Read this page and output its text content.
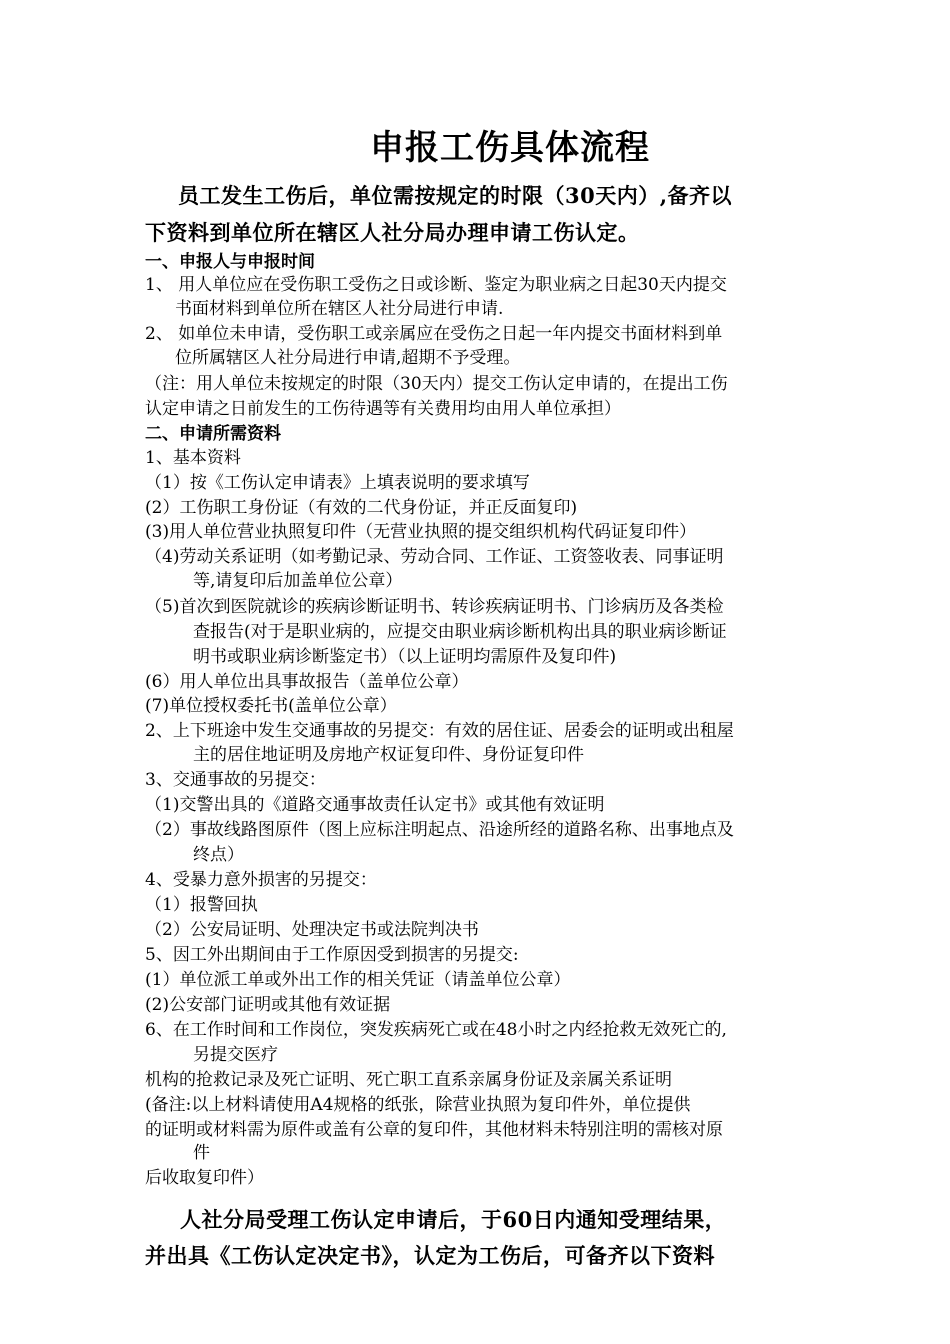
申报工伤具体流程
员工发生工伤后，单位需按规定的时限（30天内）,备齐以
下资料到单位所在辖区人社分局办理申请工伤认定。
一、申报人与申报时间
1、 用人单位应在受伤职工受伤之日或诊断、鉴定为职业病之日起30天内提交
书面材料到单位所在辖区人社分局进行申请.
2、 如单位未申请，受伤职工或亲属应在受伤之日起一年内提交书面材料到单
位所属辖区人社分局进行申请,超期不予受理。
（注：用人单位未按规定的时限（30天内）提交工伤认定申请的，在提出工伤
认定申请之日前发生的工伤待遇等有关费用均由用人单位承担）
二、申请所需资料
1、基本资料
（1）按《工伤认定申请表》上填表说明的要求填写
(2）工伤职工身份证（有效的二代身份证，并正反面复印)
(3)用人单位营业执照复印件（无营业执照的提交组织机构代码证复印件）
（4)劳动关系证明（如考勤记录、劳动合同、工作证、工资签收表、同事证明
等,请复印后加盖单位公章）
（5)首次到医院就诊的疾病诊断证明书、转诊疾病证明书、门诊病历及各类检
查报告(对于是职业病的，应提交由职业病诊断机构出具的职业病诊断证
明书或职业病诊断鉴定书）（以上证明均需原件及复印件)
(6）用人单位出具事故报告（盖单位公章）
(7)单位授权委托书(盖单位公章）
2、上下班途中发生交通事故的另提交：有效的居住证、居委会的证明或出租屋
主的居住地证明及房地产权证复印件、身份证复印件
3、交通事故的另提交：
（1)交警出具的《道路交通事故责任认定书》或其他有效证明
（2）事故线路图原件（图上应标注明起点、沿途所经的道路名称、出事地点及
终点）
4、受暴力意外损害的另提交：
（1）报警回执
（2）公安局证明、处理决定书或法院判决书
5、因工外出期间由于工作原因受到损害的另提交:
(1）单位派工单或外出工作的相关凭证（请盖单位公章）
(2)公安部门证明或其他有效证据
6、在工作时间和工作岗位，突发疾病死亡或在48小时之内经抢救无效死亡的,
另提交医疗
机构的抢救记录及死亡证明、死亡职工直系亲属身份证及亲属关系证明
(备注:以上材料请使用A4规格的纸张，除营业执照为复印件外，单位提供
的证明或材料需为原件或盖有公章的复印件，其他材料未特别注明的需核对原
件
后收取复印件）
人社分局受理工伤认定申请后，于60日内通知受理结果，
并出具《工伤认定决定书》，认定为工伤后，可备齐以下资料
